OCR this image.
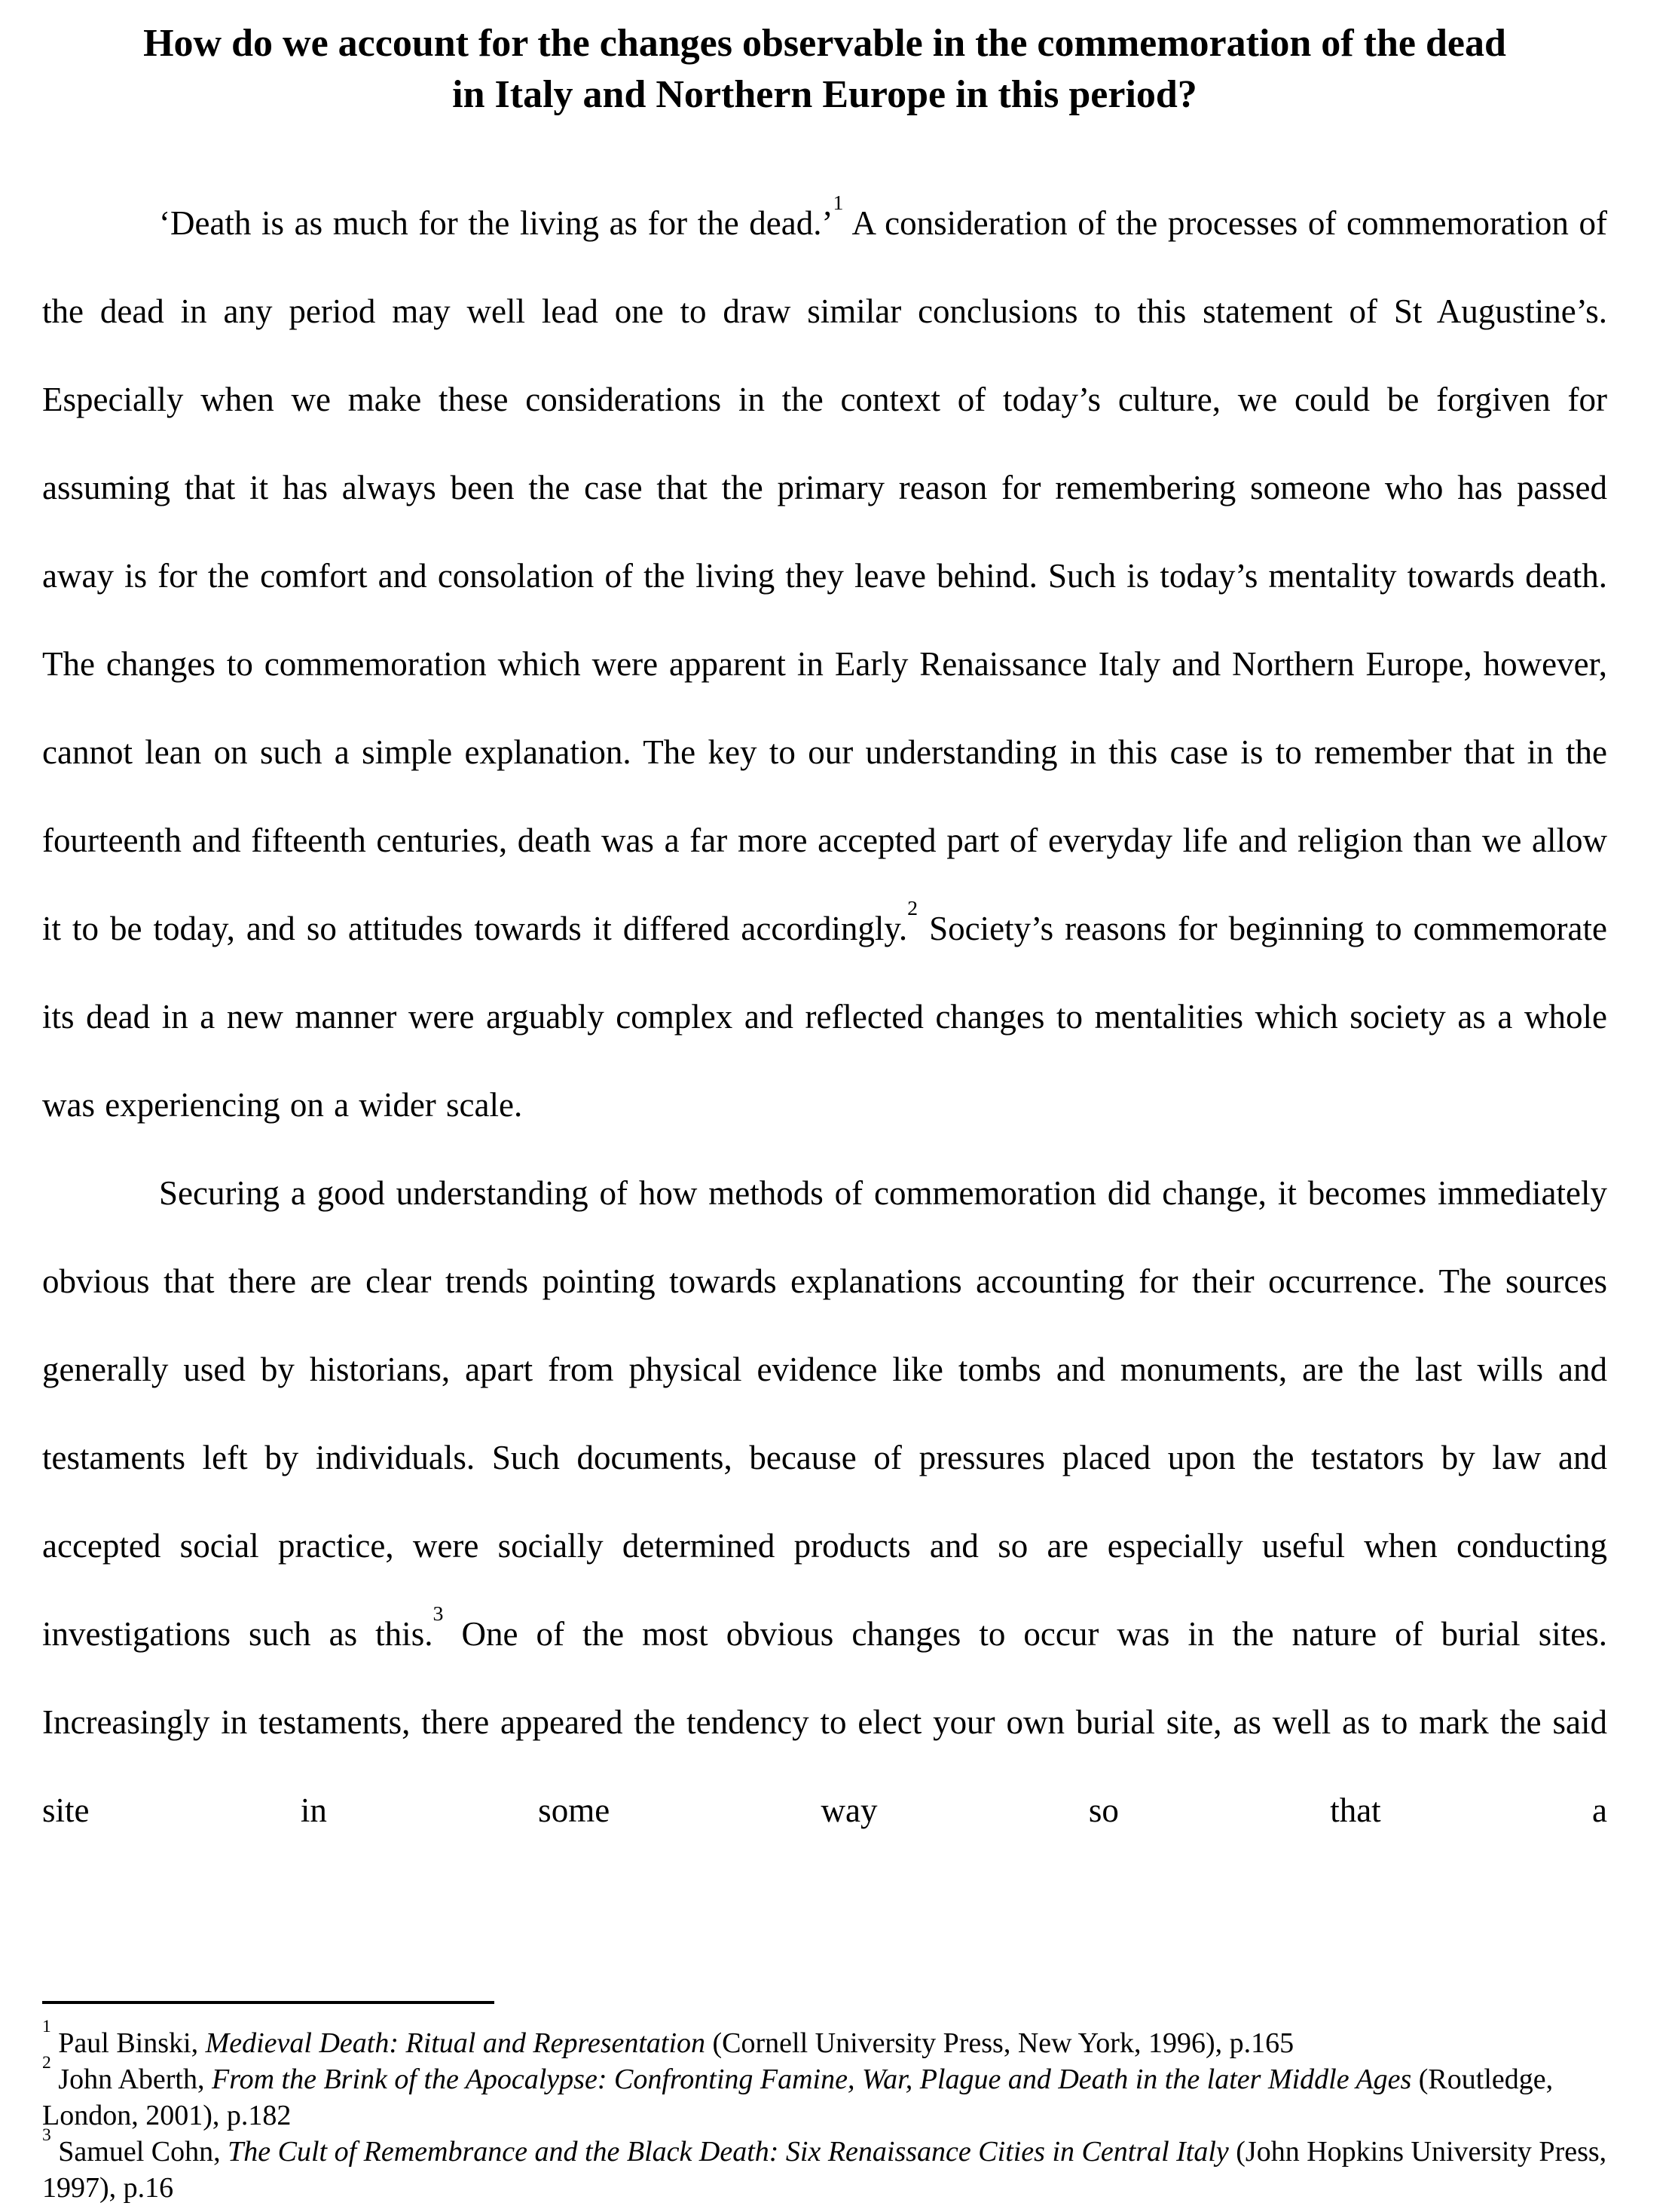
How do we account for the changes observable in the commemoration of the dead
in Italy and Northern Europe in this period?

‘Death is as much for the living as for the dead.’$^1$ A consideration of the processes of commemoration of the dead in any period may well lead one to draw similar conclusions to this statement of St Augustine’s. Especially when we make these considerations in the context of today’s culture, we could be forgiven for assuming that it has always been the case that the primary reason for remembering someone who has passed away is for the comfort and consolation of the living they leave behind. Such is today’s mentality towards death. The changes to commemoration which were apparent in Early Renaissance Italy and Northern Europe, however, cannot lean on such a simple explanation. The key to our understanding in this case is to remember that in the fourteenth and fifteenth centuries, death was a far more accepted part of everyday life and religion than we allow it to be today, and so attitudes towards it differed accordingly.$^2$ Society’s reasons for beginning to commemorate its dead in a new manner were arguably complex and reflected changes to mentalities which society as a whole was experiencing on a wider scale.

Securing a good understanding of how methods of commemoration did change, it becomes immediately obvious that there are clear trends pointing towards explanations accounting for their occurrence. The sources generally used by historians, apart from physical evidence like tombs and monuments, are the last wills and testaments left by individuals. Such documents, because of pressures placed upon the testators by law and accepted social practice, were socially determined products and so are especially useful when conducting investigations such as this.$^3$ One of the most obvious changes to occur was in the nature of burial sites. Increasingly in testaments, there appeared the tendency to elect your own burial site, as well as to mark the said site in some way so that a

$^1$ Paul Binski, Medieval Death: Ritual and Representation (Cornell University Press, New York, 1996), p.165
$^2$ John Aberth, From the Brink of the Apocalypse: Confronting Famine, War, Plague and Death in the later Middle Ages (Routledge, London, 2001), p.182
$^3$ Samuel Cohn, The Cult of Remembrance and the Black Death: Six Renaissance Cities in Central Italy (John Hopkins University Press, 1997), p.16
